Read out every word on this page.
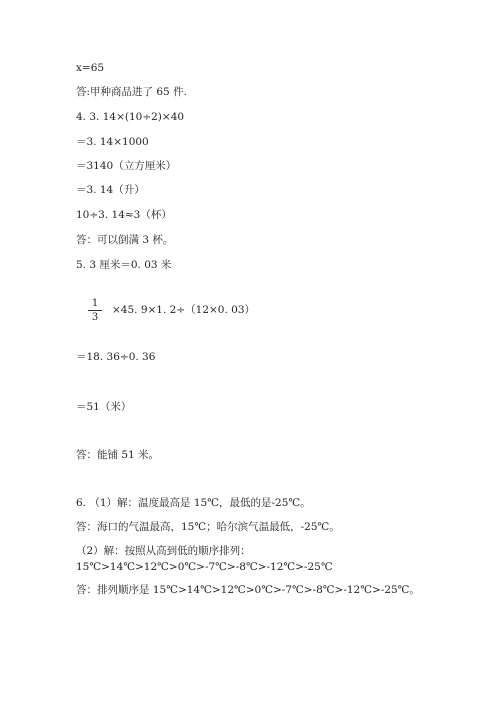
x=65
答:甲种商品进了 65 件.
4. 3. 14×(10÷2)×40
＝3. 14×1000
＝3140（立方厘米）
＝3. 14（升）
10÷3. 14≈3（杯）
答：可以倒满 3 杯。
5. 3 厘米＝0. 03 米
1
3
×45. 9×1. 2÷（12×0. 03）
＝18. 36÷0. 36
＝51（米）
答：能铺 51 米。
6. （1）解：温度最高是 15℃，最低的是-25℃。
答：海口的气温最高，15℃；哈尔滨气温最低，-25℃。
（2）解：按照从高到低的顺序排列：15℃>14℃>12℃>0℃>-7℃>-8℃>-12℃>-25℃
答：排列顺序是 15℃>14℃>12℃>0℃>-7℃>-8℃>-12℃>-25℃。
